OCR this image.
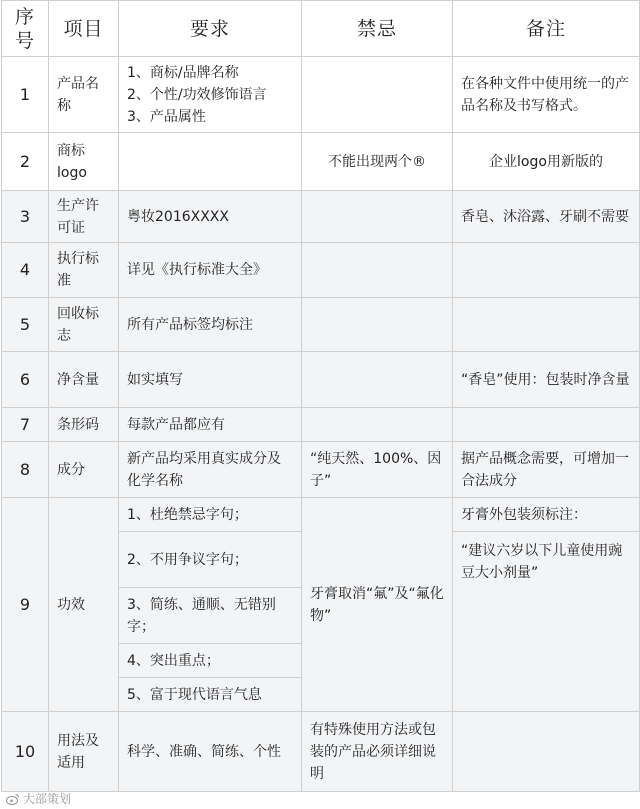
序号	项目	要求	禁忌	备注
1	产品名称	1、商标/品牌名称
2、个性/功效修饰语言
3、产品属性		在各种文件中使用统一的产品名称及书写格式。
2	商标logo		不能出现两个®	企业logo用新版的
3	生产许可证	粤妆2016XXXX		香皂、沐浴露、牙刷不需要
4	执行标准	详见《执行标准大全》		
5	回收标志	所有产品标签均标注		
6	净含量	如实填写		“香皂”使用：包装时净含量
7	条形码	每款产品都应有		
8	成分	新产品均采用真实成分及化学名称	“纯天然、100%、因子”	据产品概念需要，可增加一合法成分
9	功效	1、杜绝禁忌字句；	牙膏取消“氟”及“氟化物”	牙膏外包装须标注：
		2、不用争议字句；		“建议六岁以下儿童使用豌豆大小剂量”
		3、简练、通顺、无错别字；		
		4、突出重点；		
		5、富于现代语言气息		
10	用法及适用	科学、准确、简练、个性	有特殊使用方法或包装的产品必须详细说明	
大部策划
